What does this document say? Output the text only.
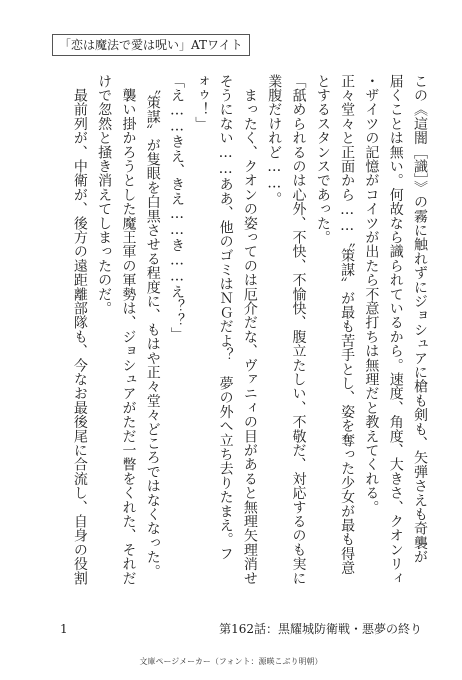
「恋は魔法で愛は呪い」ATワイト
この《這闇［識］》の霧に触れずにジョシュアに槍も剣も、矢弾さえも奇襲が
届くことは無い。何故なら識られているから。速度、角度、大きさ、クオンリィ
・ザイツの記憶がコイツが出たら不意打ちは無理だと教えてくれる。
正々堂々と正面から……〝策謀〟が最も苦手とし、姿を奪った少女が最も得意
とするスタンスであった。
「舐められるのは心外、不快、不愉快、腹立たしい、不敬だ、対応するのも実に
業腹だけれど……。
　まったく、クオンの姿ってのは厄介だな、ヴァニィの目があると無理矢理消せ
そうにない……ああ、他のゴミはＮＧだよ？　夢の外へ立ち去りたまえ。フ
ォゥ！」
「え……きえ、きえ……き……え？？」
　〝策謀〟が隻眼を白黒させる程度に、もはや正々堂々どころではなくなった。
　襲い掛かろうとした魔王軍の軍勢は、ジョシュアがただ一瞥をくれた、それだ
けで忽然と掻き消えてしまったのだ。
　最前列が、中衛が、後方の遠距離部隊も、今なお最後尾に合流し、自身の役割
1	第162話：黒耀城防衛戦・悪夢の終り
文庫ページメーカー（フォント：源暎こぶり明朝）
